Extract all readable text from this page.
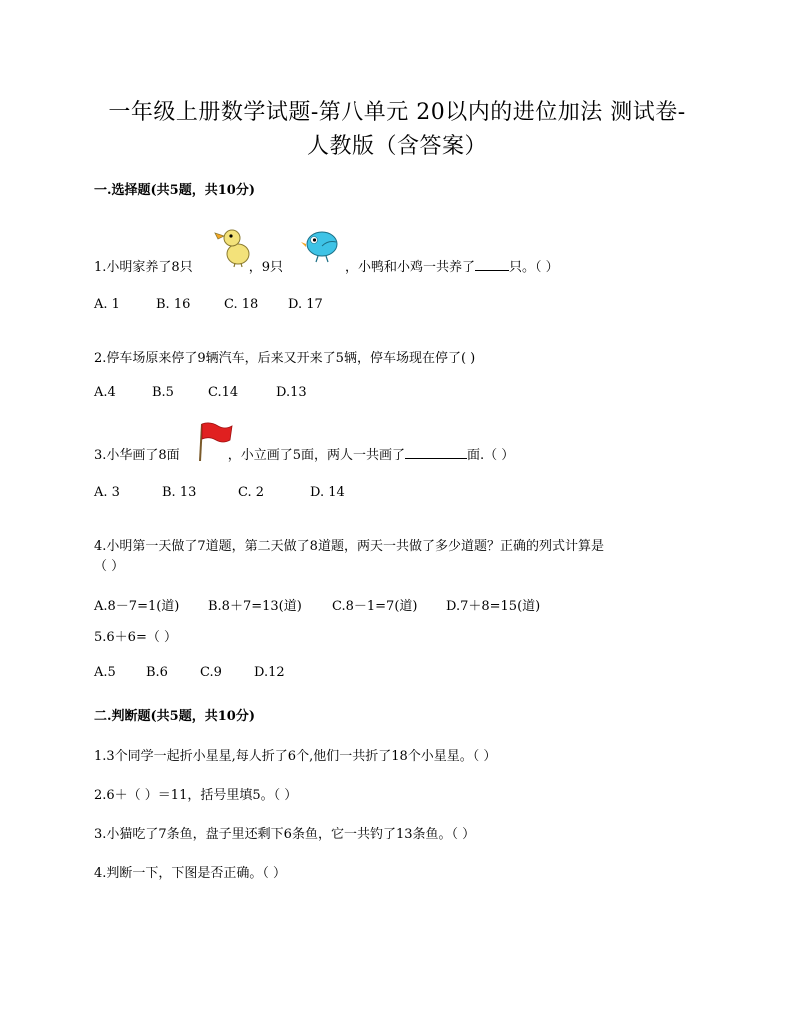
一年级上册数学试题-第八单元 20以内的进位加法 测试卷-
人教版（含答案）
一.选择题(共5题，共10分)
1.小明家养了8只	，9只	，小鸭和小鸡一共养了	只。（ ）
A. 1	B. 16	C. 18 D. 17
2.停车场原来停了9辆汽车，后来又开来了5辆，停车场现在停了( )
A.4	B.5	C.14	D.13
3.小华画了8面	，小立画了5面，两人一共画了	面.（ ）
A. 3	B. 13	C. 2	D. 14
4.小明第一天做了7道题，第二天做了8道题，两天一共做了多少道题？正确的列式计算是
（ ）
A.8－7=1(道) B.8＋7=13(道) C.8－1=7(道) D.7＋8=15(道)
5.6＋6=（ ）
A.5 B.6 C.9 D.12
二.判断题(共5题，共10分)
1.3个同学一起折小星星,每人折了6个,他们一共折了18个小星星。（ ）
2.6＋（ ）＝11，括号里填5。（ ）
3.小猫吃了7条鱼，盘子里还剩下6条鱼，它一共钓了13条鱼。（ ）
4.判断一下，下图是否正确。（ ）
